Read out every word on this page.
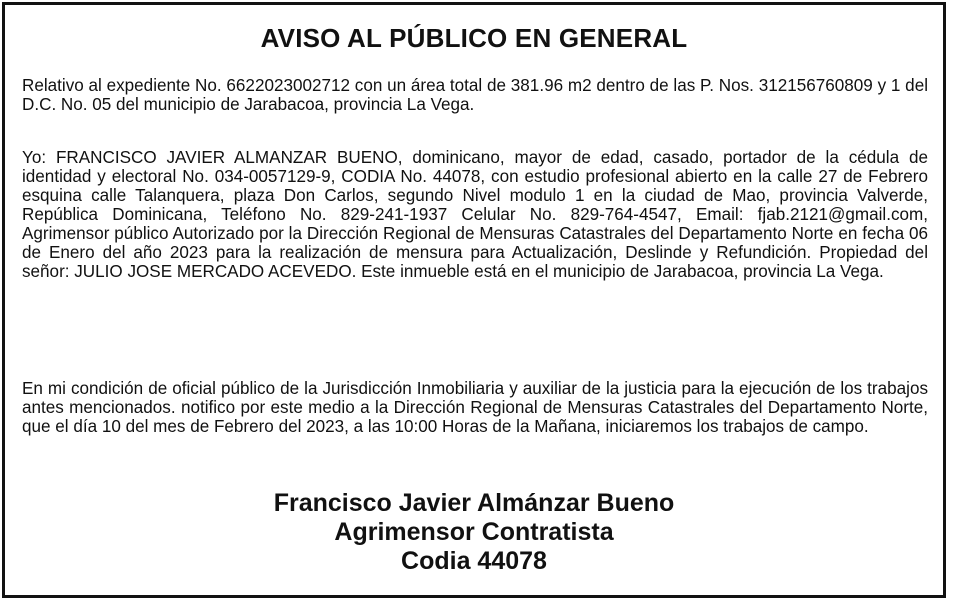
AVISO AL PÚBLICO EN GENERAL

Relativo al expediente No. 6622023002712 con un área total de 381.96 m2 dentro de las P. Nos. 312156760809 y 1 del D.C. No. 05 del municipio de Jarabacoa, provincia La Vega.

Yo: FRANCISCO JAVIER ALMANZAR BUENO, dominicano, mayor de edad, casado, portador de la cédula de identidad y electoral No. 034-0057129-9, CODIA No. 44078, con estudio profesional abierto en la calle 27 de Febrero esquina calle Talanquera, plaza Don Carlos, segundo Nivel modulo 1 en la ciudad de Mao, provincia Valverde, República Dominicana, Teléfono No. 829-241-1937 Celular No. 829-764-4547, Email: fjab.2121@gmail.com, Agrimensor público Autorizado por la Dirección Regional de Mensuras Catastrales del Departamento Norte en fecha 06 de Enero del año 2023 para la realización de mensura para Actualización, Deslinde y Refundición. Propiedad del señor: JULIO JOSE MERCADO ACEVEDO. Este inmueble está en el municipio de Jarabacoa, provincia La Vega.

En mi condición de oficial público de la Jurisdicción Inmobiliaria y auxiliar de la justicia para la ejecución de los trabajos antes mencionados. notifico por este medio a la Dirección Regional de Mensuras Catastrales del Departamento Norte, que el día 10 del mes de Febrero del 2023, a las 10:00 Horas de la Mañana, iniciaremos los trabajos de campo.

Francisco Javier Almánzar Bueno
Agrimensor Contratista
Codia 44078
